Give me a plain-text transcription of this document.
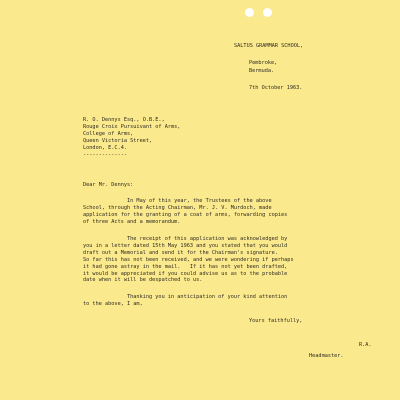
SALTUS GRAMMAR SCHOOL,
Pembroke,
Bermuda.
7th October 1963.
R. O. Dennys Esq., O.B.E.,
Rouge Croix Pursuivant of Arms,
College of Arms,
Queen Victoria Street,
London, E.C.4.
--------------
Dear Mr. Dennys:
In May of this year, the Trustees of the above
School, through the Acting Chairman, Mr. J. V. Murdoch, made
application for the granting of a coat of arms, forwarding copies
of three Acts and a memorandum.
The receipt of this application was acknowledged by
you in a letter dated 15th May 1963 and you stated that you would
draft out a Memorial and send it for the Chairman's signature.
So far this has not been received, and we were wondering if perhaps
it had gone astray in the mail.   If it has not yet been drafted,
it would be appreciated if you could advise us as to the probable
date when it will be despatched to us.
Thanking you in anticipation of your kind attention
to the above, I am,
Yours faithfully,
R.A.
Headmaster.
